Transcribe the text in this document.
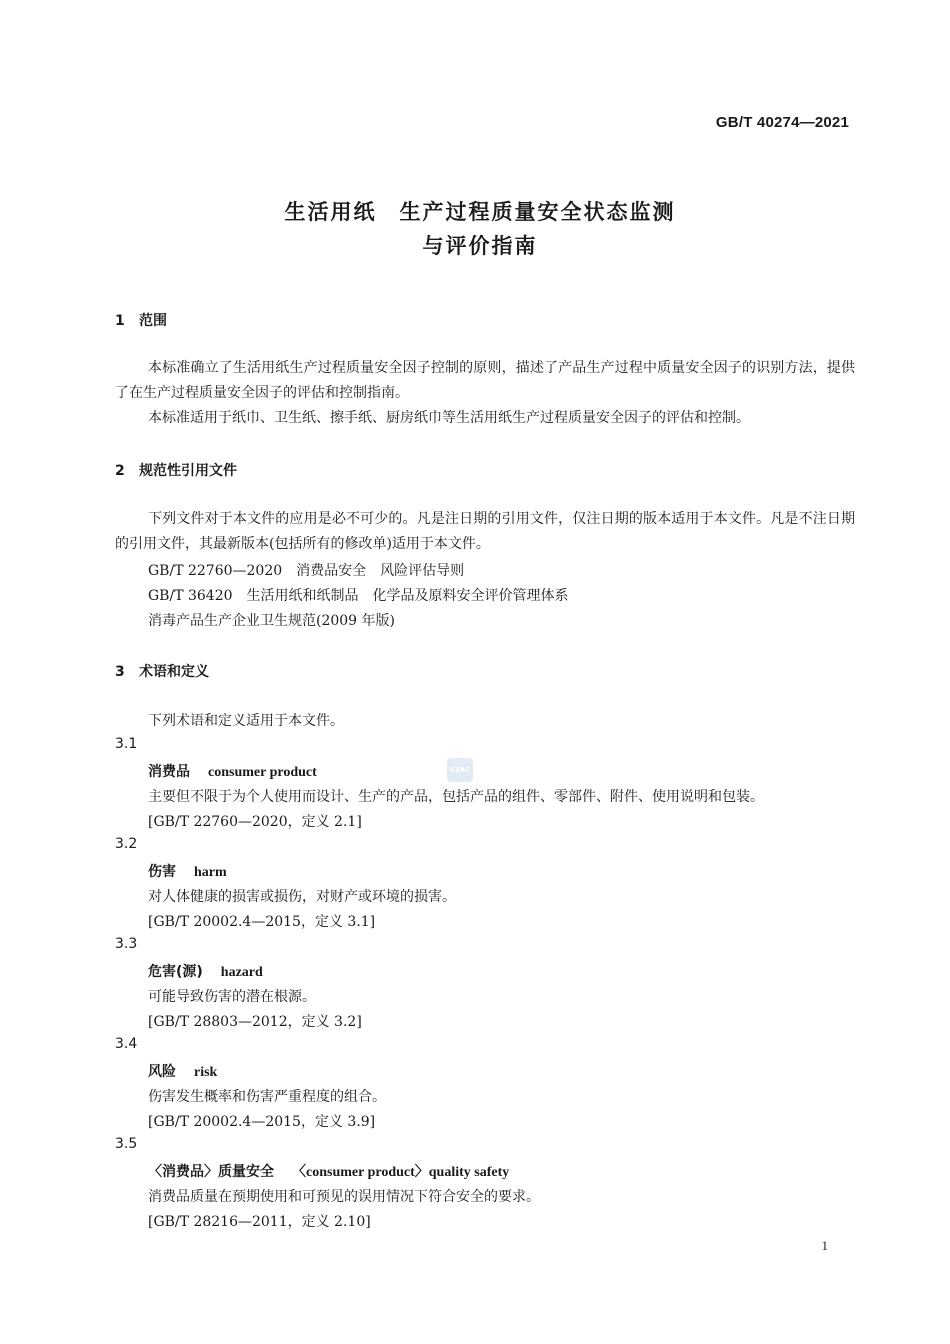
GB/T 40274—2021
生活用纸　生产过程质量安全状态监测
与评价指南
1 范围
本标准确立了生活用纸生产过程质量安全因子控制的原则，描述了产品生产过程中质量安全因子的识别方法，提供了在生产过程质量安全因子的评估和控制指南。
本标准适用于纸巾、卫生纸、擦手纸、厨房纸巾等生活用纸生产过程质量安全因子的评估和控制。
2 规范性引用文件
下列文件对于本文件的应用是必不可少的。凡是注日期的引用文件，仅注日期的版本适用于本文件。凡是不注日期的引用文件，其最新版本(包括所有的修改单)适用于本文件。
GB/T 22760—2020　消费品安全　风险评估导则
GB/T 36420　生活用纸和纸制品　化学品及原料安全评价管理体系
消毒产品生产企业卫生规范(2009 年版)
3 术语和定义
下列术语和定义适用于本文件。
3.1
消费品 consumer product
主要但不限于为个人使用而设计、生产的产品，包括产品的组件、零部件、附件、使用说明和包装。
[GB/T 22760—2020，定义 2.1]
3.2
伤害 harm
对人体健康的损害或损伤，对财产或环境的损害。
[GB/T 20002.4—2015，定义 3.1]
3.3
危害(源) hazard
可能导致伤害的潜在根源。
[GB/T 28803—2012，定义 3.2]
3.4
风险 risk
伤害发生概率和伤害严重程度的组合。
[GB/T 20002.4—2015，定义 3.9]
3.5
〈消费品〉质量安全 〈consumer product〉quality safety
消费品质量在预期使用和可预见的误用情况下符合安全的要求。
[GB/T 28216—2011，定义 2.10]
SZAC
1
